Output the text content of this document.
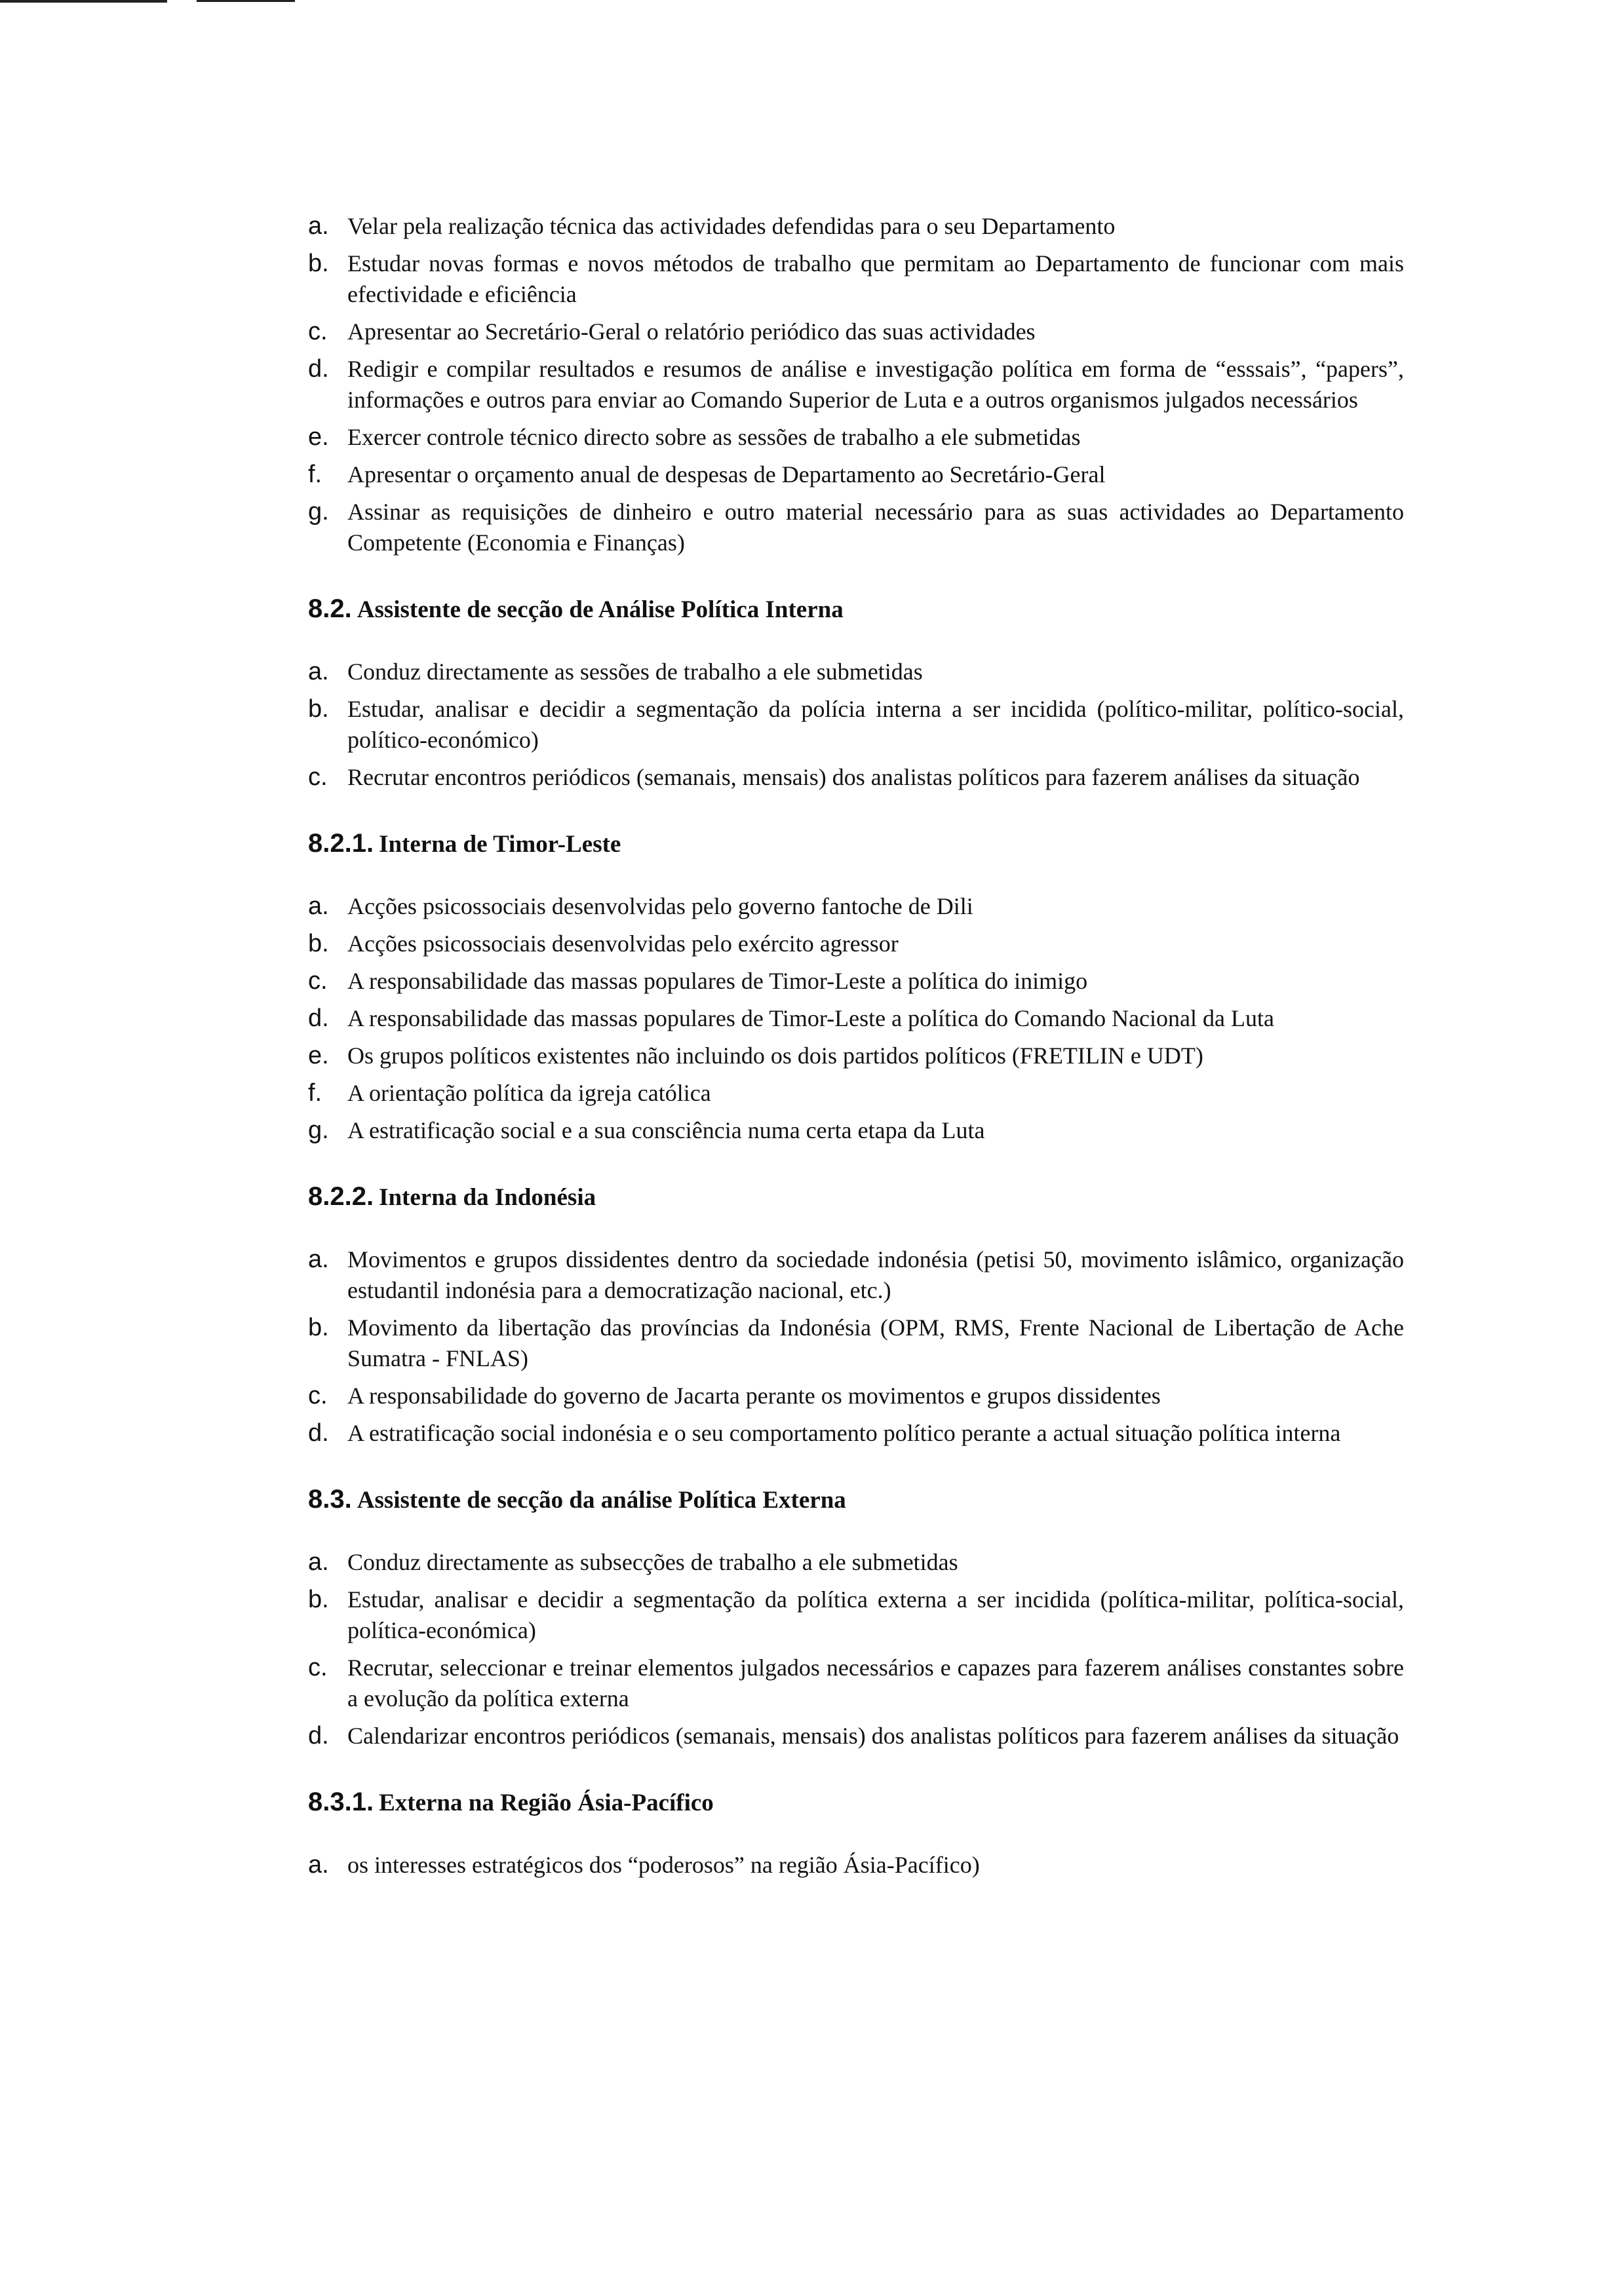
a. Velar pela realização técnica das actividades defendidas para o seu Departamento
b. Estudar novas formas e novos métodos de trabalho que permitam ao Departamento de funcionar com mais efectividade e eficiência
c. Apresentar ao Secretário-Geral o relatório periódico das suas actividades
d. Redigir e compilar resultados e resumos de análise e investigação política em forma de “esssais”, “papers”, informações e outros para enviar ao Comando Superior de Luta e a outros organismos julgados necessários
e. Exercer controle técnico directo sobre as sessões de trabalho a ele submetidas
f.	Apresentar o orçamento anual de despesas de Departamento ao Secretário-Geral
g. Assinar as requisições de dinheiro e outro material necessário para as suas actividades ao Departamento Competente (Economia e Finanças)
8.2. Assistente de secção de Análise Política Interna
a. Conduz directamente as sessões de trabalho a ele submetidas
b. Estudar, analisar e decidir a segmentação da polícia interna a ser incidida (político-militar, político-social, político-económico)
c. Recrutar encontros periódicos (semanais, mensais) dos analistas políticos para fazerem análises da situação
8.2.1. Interna de Timor-Leste
a. Acções psicossociais desenvolvidas pelo governo fantoche de Dili
b. Acções psicossociais desenvolvidas pelo exército agressor
c. A responsabilidade das massas populares de Timor-Leste a política do inimigo
d. A responsabilidade das massas populares de Timor-Leste a política do Comando Nacional da Luta
e. Os grupos políticos existentes não incluindo os dois partidos políticos (FRETILIN e UDT)
f.	A orientação política da igreja católica
g. A estratificação social e a sua consciência numa certa etapa da Luta
8.2.2. Interna da Indonésia
a. Movimentos e grupos dissidentes dentro da sociedade indonésia (petisi 50, movimento islâmico, organização estudantil indonésia para a democratização nacional, etc.)
b. Movimento da libertação das províncias da Indonésia (OPM, RMS, Frente Nacional de Libertação de Ache Sumatra - FNLAS)
c. A responsabilidade do governo de Jacarta perante os movimentos e grupos dissidentes
d. A estratificação social indonésia e o seu comportamento político perante a actual situação política interna
8.3. Assistente de secção da análise Política Externa
a. Conduz directamente as subsecções de trabalho a ele submetidas
b. Estudar, analisar e decidir a segmentação da política externa a ser incidida (política-militar, política-social, política-económica)
c. Recrutar, seleccionar e treinar elementos julgados necessários e capazes para fazerem análises constantes sobre a evolução da política externa
d. Calendarizar encontros periódicos (semanais, mensais) dos analistas políticos para fazerem análises da situação
8.3.1. Externa na Região Ásia-Pacífico
a. os interesses estratégicos dos “poderosos” na região Ásia-Pacífico)
